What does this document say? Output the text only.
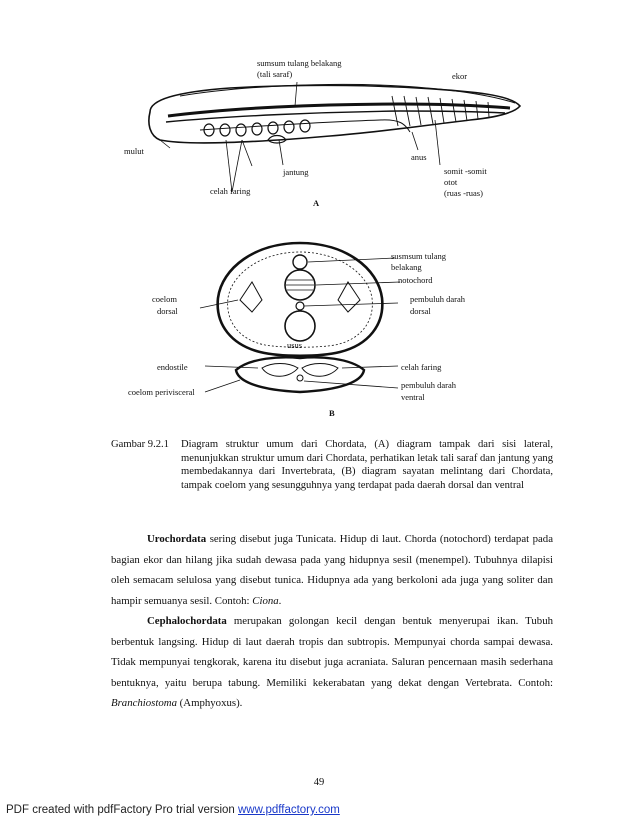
sumsum tulang belakang
(tali saraf)	ekor
mulut
anus
jantung	somit -somit
otot
(ruas -ruas)
celah faring
A
susmsum tulang
belakang
notochord
coelom
dorsal
pembuluh darah
dorsal
usus
endostile	celah faring
coelom perivisceral
pembuluh darah
ventral
B
Gambar 9.2.1 Diagram struktur umum dari Chordata, (A) diagram tampak dari sisi lateral, menunjukkan struktur umum dari Chordata, perhatikan letak tali saraf dan jantung yang membedakannya dari Invertebrata, (B) diagram sayatan melintang dari Chordata, tampak coelom yang sesungguhnya yang terdapat pada daerah dorsal dan ventral
Urochordata sering disebut juga Tunicata. Hidup di laut. Chorda (notochord) terdapat pada bagian ekor dan hilang jika sudah dewasa pada yang hidupnya sesil (menempel). Tubuhnya dilapisi oleh semacam selulosa yang disebut tunica. Hidupnya ada yang berkoloni ada juga yang soliter dan hampir semuanya sesil. Contoh: Ciona.
Cephalochordata merupakan golongan kecil dengan bentuk menyerupai ikan. Tubuh berbentuk langsing. Hidup di laut daerah tropis dan subtropis. Mempunyai chorda sampai dewasa. Tidak mempunyai tengkorak, karena itu disebut juga acraniata. Saluran pencernaan masih sederhana bentuknya, yaitu berupa tabung. Memiliki kekerabatan yang dekat dengan Vertebrata. Contoh: Branchiostoma (Amphyoxus).
49
PDF created with pdfFactory Pro trial version www.pdffactory.com
